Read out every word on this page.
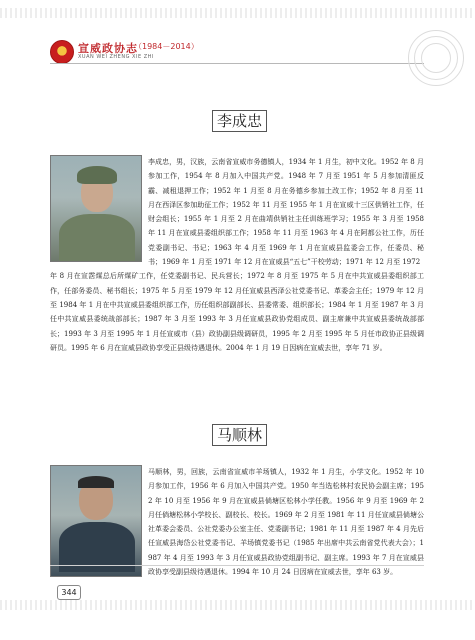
宣威政协志
（1984－2014）
XUAN WEI ZHENG XIE ZHI
李成忠
李成忠，男，汉族，云南省宣威市务德镇人，1934 年 1 月生，初中文化。1952 年 8 月参加工作，1954 年 8 月加入中国共产党。1948 年 7 月至 1951 年 5 月参加清匪反霸、减租退押工作；1952 年 1 月至 8 月在务德乡参加土改工作；1952 年 8 月至 11 月在西泽区参加助征工作；1952 年 11 月至 1955 年 1 月在宣威十三区供销社工作，任财会组长；1955 年 1 月至 2 月在曲靖供销社主任训练班学习；1955 年 3 月至 1958 年 11 月在宣威县委组织部工作；1958 年 11 月至 1963 年 4 月在阿都公社工作，历任党委副书记、书记；1963 年 4 月至 1969 年 1 月在宣威县监委会工作，任委员、秘书；1969 年 1 月至 1971 年 12 月在宣威县“五七”干校劳动；1971 年 12 月至 1972
年 8 月在宣霑煤总后所煤矿工作，任党委副书记、民兵营长；1972 年 8 月至 1975 年 5 月在中共宣威县委组织部工作，任部务委员、秘书组长；1975 年 5 月至 1979 年 12 月任宣威县西泽公社党委书记、革委会主任；1979 年 12 月至 1984 年 1 月在中共宣威县委组织部工作，历任组织部副部长、县委常委、组织部长；1984 年 1 月至 1987 年 3 月任中共宣威县委统战部部长；1987 年 3 月至 1993 年 3 月任宣威县政协党组成员、副主席兼中共宣威县委统战部部长；1993 年 3 月至 1995 年 1 月任宣威市（县）政协副县级调研员，1995 年 2 月至 1995 年 5 月任市政协正县级调研员。1995 年 6 月在宣威县政协享受正县级待遇退休。2004 年 1 月 19 日因病在宣威去世，享年 71 岁。
马顺林
马顺林，男，回族，云南省宣威市羊场镇人，1932 年 1 月生，小学文化。1952 年 10 月参加工作，1956 年 6 月加入中国共产党。1950 年当选松林村农民协会副主席；1952 年 10 月至 1956 年 9 月在宣威县倘塘区松林小学任教。1956 年 9 月至 1969 年 2 月任倘塘松林小学校长、副校长、校长。1969 年 2 月至 1981 年 11 月任宣威县倘塘公社革委会委员、公社党委办公室主任、党委副书记；1981 年 11 月至 1987 年 4 月先后任宣威县海岱公社党委书记、羊场镇党委书记（1985 年出席中共云南省党代表大会）；1987 年 4 月至 1993 年 3 月任宣威县政协党组副书记、副主席。1993 年 7 月在宣威县政协享受副县级待遇退休。1994 年 10 月 24 日因病在宣威去世，享年 63 岁。
344
